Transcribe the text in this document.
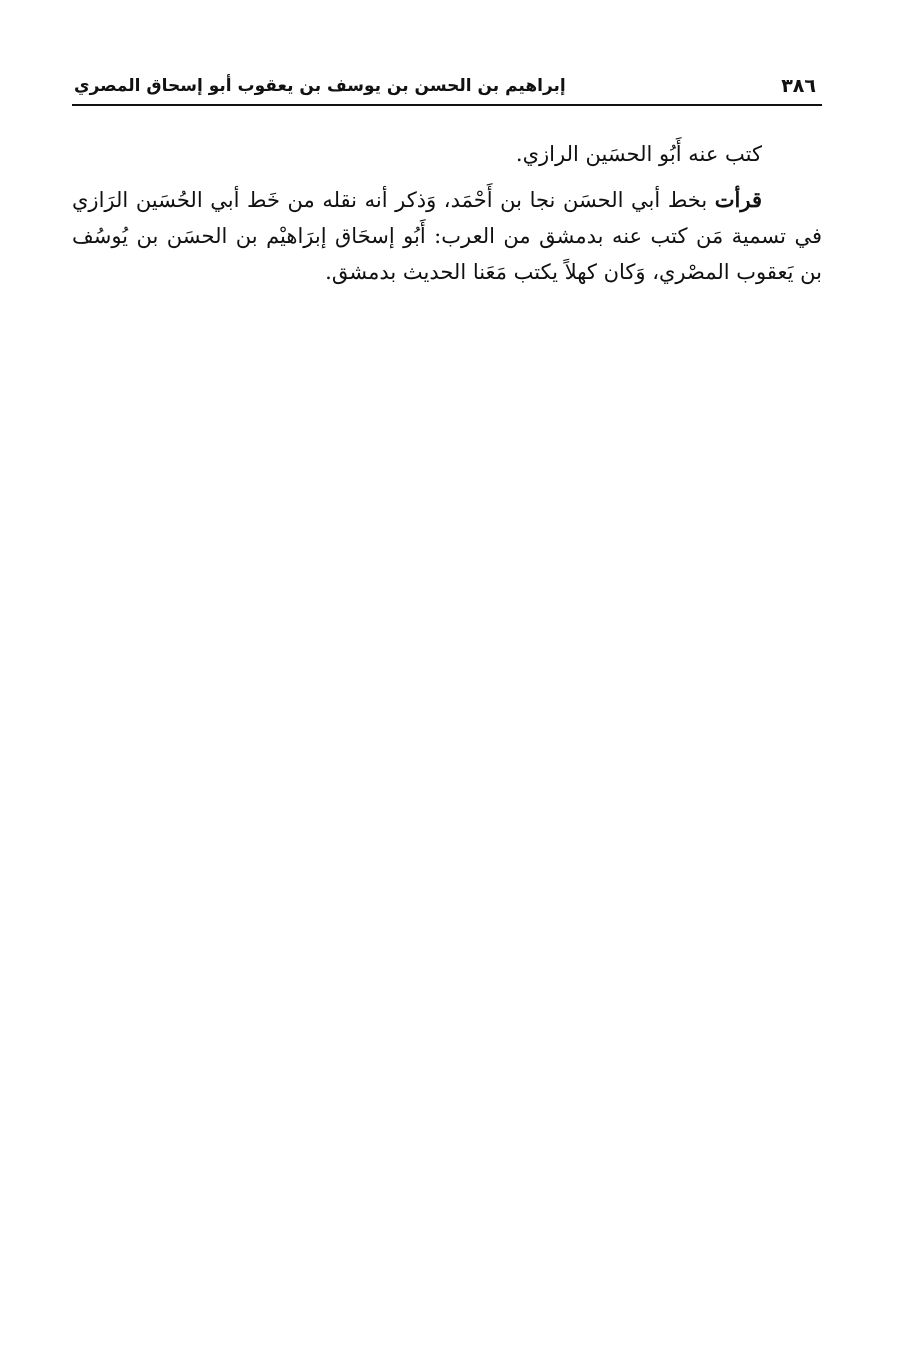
٣٨٦
إبراهيم بن الحسن بن يوسف بن يعقوب أبو إسحاق المصري

كتب عنه أَبُو الحسَين الرازي.

قرأت بخط أبي الحسَن نجا بن أَحْمَد، وَذكر أنه نقله من خَط أبي الحُسَين الرَازي في تسمية مَن كتب عنه بدمشق من العرب: أَبُو إسحَاق إبرَاهيْم بن الحسَن بن يُوسُف بن يَعقوب المصْري، وَكان كهلاً يكتب مَعَنا الحديث بدمشق.
